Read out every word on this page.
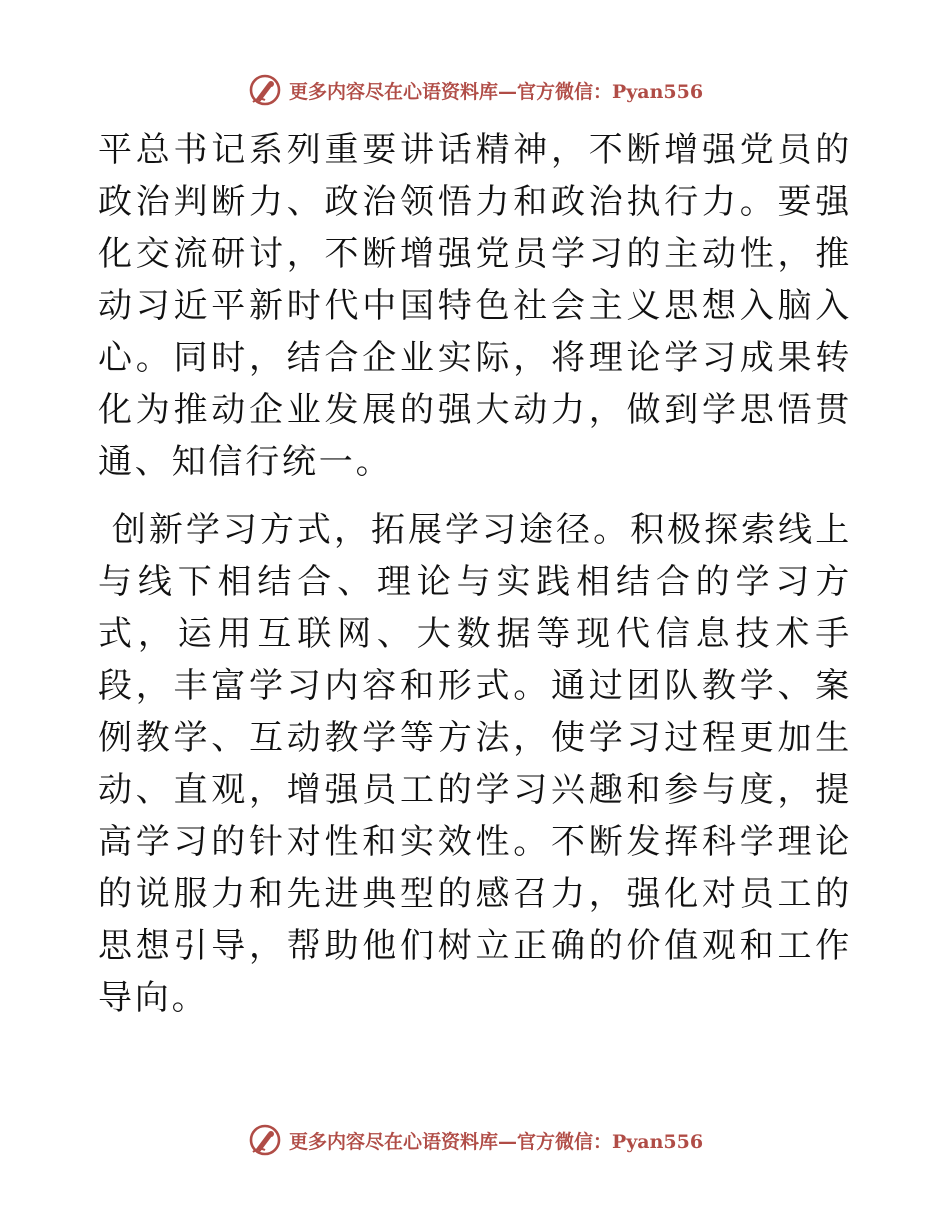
更多内容尽在心语资料库—官方微信：Pyan556

平总书记系列重要讲话精神，不断增强党员的政治判断力、政治领悟力和政治执行力。要强化交流研讨，不断增强党员学习的主动性，推动习近平新时代中国特色社会主义思想入脑入心。同时，结合企业实际，将理论学习成果转化为推动企业发展的强大动力，做到学思悟贯通、知信行统一。

创新学习方式，拓展学习途径。积极探索线上与线下相结合、理论与实践相结合的学习方式，运用互联网、大数据等现代信息技术手段，丰富学习内容和形式。通过团队教学、案例教学、互动教学等方法，使学习过程更加生动、直观，增强员工的学习兴趣和参与度，提高学习的针对性和实效性。不断发挥科学理论的说服力和先进典型的感召力，强化对员工的思想引导，帮助他们树立正确的价值观和工作导向。

更多内容尽在心语资料库—官方微信：Pyan556
